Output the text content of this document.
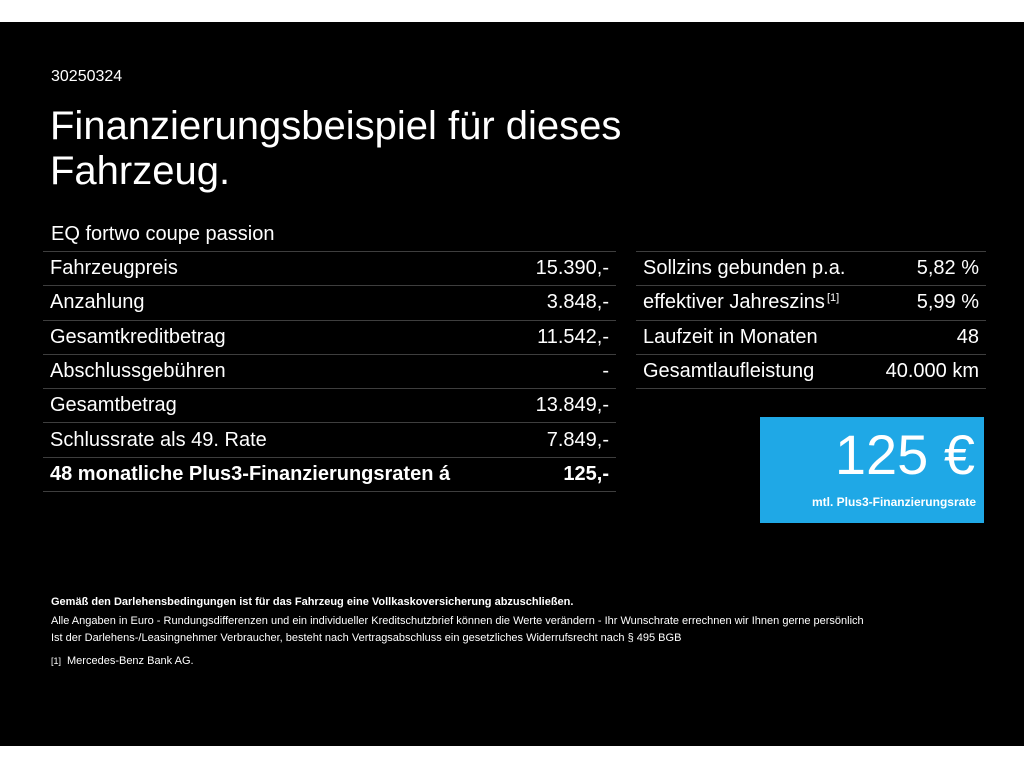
30250324
Finanzierungsbeispiel für dieses
Fahrzeug.
EQ fortwo coupe passion
Fahrzeugpreis	15.390,-
Anzahlung	3.848,-
Gesamtkreditbetrag	11.542,-
Abschlussgebühren	-
Gesamtbetrag	13.849,-
Schlussrate als 49. Rate	7.849,-
48 monatliche Plus3-Finanzierungsraten á	125,-
Sollzins gebunden p.a.	5,82 %
effektiver Jahreszins [1]	5,99 %
Laufzeit in Monaten	48
Gesamtlaufleistung	40.000 km
125 €
mtl. Plus3-Finanzierungsrate
Gemäß den Darlehensbedingungen ist für das Fahrzeug eine Vollkaskoversicherung abzuschließen.
Alle Angaben in Euro - Rundungsdifferenzen und ein individueller Kreditschutzbrief können die Werte verändern - Ihr Wunschrate errechnen wir Ihnen gerne persönlich
Ist der Darlehens-/Leasingnehmer Verbraucher, besteht nach Vertragsabschluss ein gesetzliches Widerrufsrecht nach § 495 BGB
[1] Mercedes-Benz Bank AG.
